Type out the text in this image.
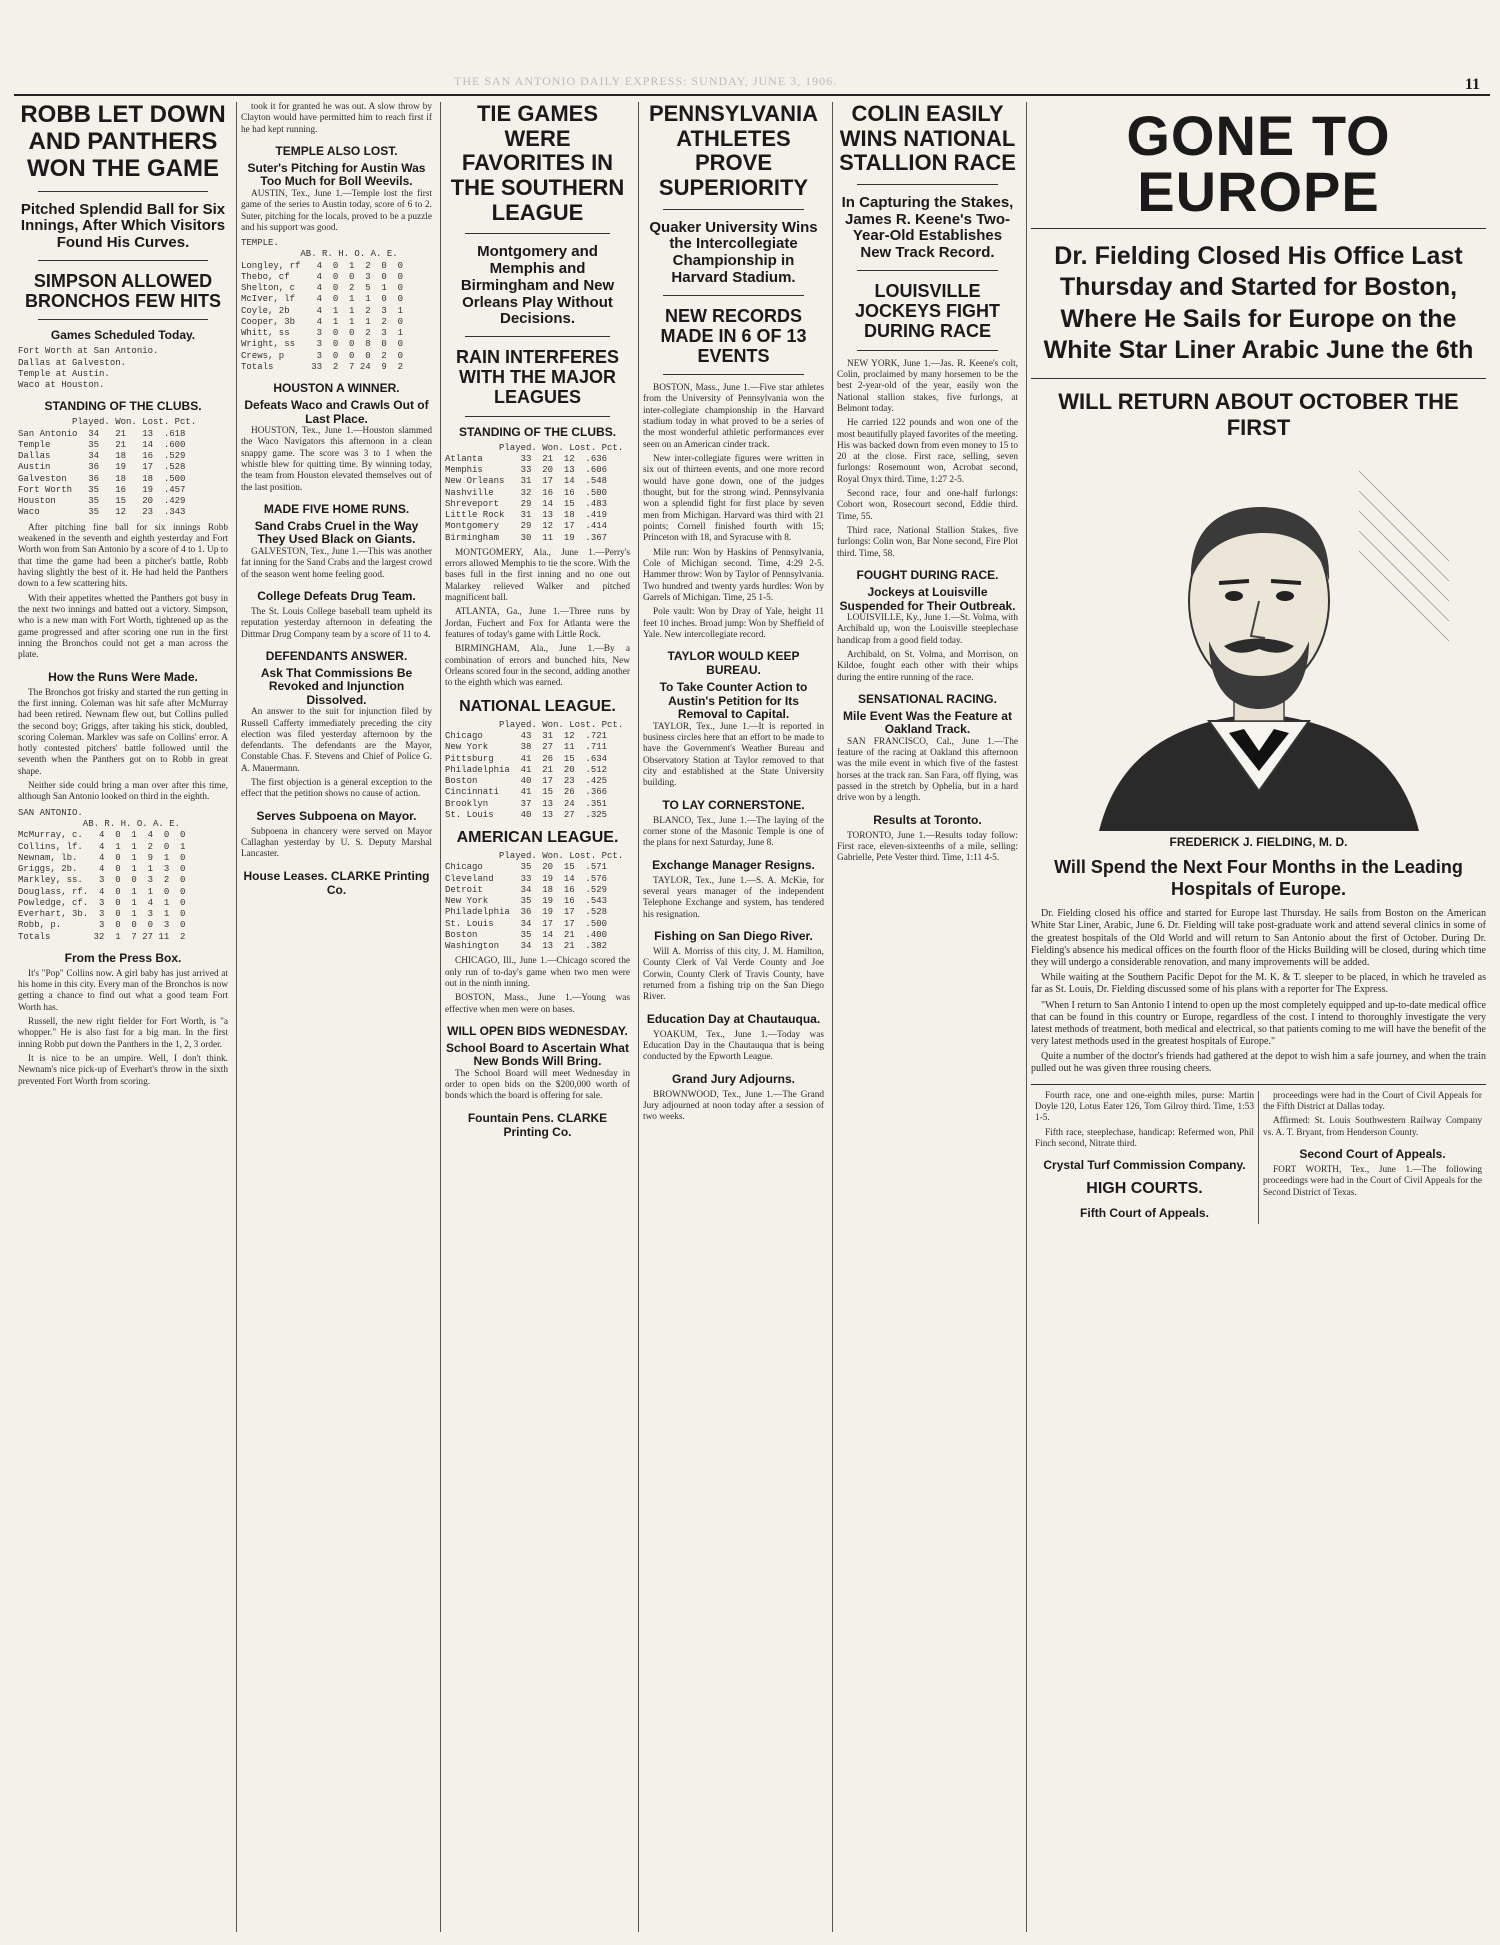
THE SAN ANTONIO DAILY EXPRESS: SUNDAY, JUNE 3, 1906.	11
ROBB LET DOWN AND PANTHERS WON THE GAME
Pitched Splendid Ball for Six Innings, After Which Visitors Found His Curves.
SIMPSON ALLOWED BRONCHOS FEW HITS
Games Scheduled Today.
Fort Worth at San Antonio.
Dallas at Galveston.
Temple at Austin.
Waco at Houston.
STANDING OF THE CLUBS.
Played. Won. Lost. Pct.
San Antonio  34   21   13  .618
Temple       35   21   14  .600
Dallas       34   18   16  .529
Austin       36   19   17  .528
Galveston    36   18   18  .500
Fort Worth   35   16   19  .457
Houston      35   15   20  .429
Waco         35   12   23  .343

After pitching fine ball for six innings Robb weakened in the seventh and eighth yesterday and Fort Worth won from San Antonio by a score of 4 to 1. Up to that time the game had been a pitcher's battle, Robb having slightly the best of it. He had held the Panthers down to a few scattering hits.

With their appetites whetted the Panthers got busy in the next two innings and batted out a victory. Simpson, who is a new man with Fort Worth, tightened up as the game progressed and after scoring one run in the first inning the Bronchos could not get a man across the plate.

How the Runs Were Made.

The Bronchos got frisky and started the run getting in the first inning. Coleman was hit safe after McMurray had been retired. Newnam flew out, but Collins pulled the second boy; Griggs, after taking his stick, doubled, scoring Coleman. Marklev was safe on Collins' error. A hotly contested pitchers' battle followed until the seventh when the Panthers got on to Robb in great shape.

Neither side could bring a man over after this time, although San Antonio looked on third in the eighth.

SAN ANTONIO.
AB. R. H. O. A. E.
McMurray, c.   4  0  1  4  0  0
Collins, lf.   4  1  1  2  0  1
Newnam, lb.    4  0  1  9  1  0
Griggs, 2b.    4  0  1  1  3  0
Markley, ss.   3  0  0  3  2  0
Douglass, rf.  4  0  1  1  0  0
Powledge, cf.  3  0  1  4  1  0
Everhart, 3b.  3  0  1  3  1  0
Robb, p.       3  0  0  0  3  0
Totals        32  1  7 27 11  2
From the Press Box.

It's "Pop" Collins now. A girl baby has just arrived at his home in this city. Every man of the Bronchos is now getting a chance to find out what a good team Fort Worth has.

Russell, the new right fielder for Fort Worth, is "a whopper." He is also fast for a big man. In the first inning Robb put down the Panthers in the 1, 2, 3 order.

It is nice to be an umpire. Well, I don't think. Newnam's nice pick-up of Everhart's throw in the sixth prevented Fort Worth from scoring.

took it for granted he was out. A slow throw by Clayton would have permitted him to reach first if he had kept running.

TEMPLE ALSO LOST.
Suter's Pitching for Austin Was Too Much for Boll Weevils.

AUSTIN, Tex., June 1.—Temple lost the first game of the series to Austin today, score of 6 to 2. Suter, pitching for the locals, proved to be a puzzle and his support was good.

TEMPLE.
AB. R. H. O. A. E.
Longley, rf   4  0  1  2  0  0
Thebo, cf     4  0  0  3  0  0
Shelton, c    4  0  2  5  1  0
McIver, lf    4  0  1  1  0  0
Coyle, 2b     4  1  1  2  3  1
Cooper, 3b    4  1  1  1  2  0
Whitt, ss     3  0  0  2  3  1
Wright, ss    3  0  0  8  0  0
Crews, p      3  0  0  0  2  0
Totals       33  2  7 24  9  2
HOUSTON A WINNER.
Defeats Waco and Crawls Out of Last Place.

HOUSTON, Tex., June 1.—Houston slammed the Waco Navigators this afternoon in a clean snappy game. The score was 3 to 1 when the whistle blew for quitting time. By winning today, the team from Houston elevated themselves out of the last position.

MADE FIVE HOME RUNS.
Sand Crabs Cruel in the Way They Used Black on Giants.

GALVESTON, Tex., June 1.—This was another fat inning for the Sand Crabs and the largest crowd of the season went home feeling good.

College Defeats Drug Team.

The St. Louis College baseball team upheld its reputation yesterday afternoon in defeating the Dittmar Drug Company team by a score of 11 to 4.

DEFENDANTS ANSWER.
Ask That Commissions Be Revoked and Injunction Dissolved.

An answer to the suit for injunction filed by Russell Cafferty immediately preceding the city election was filed yesterday afternoon by the defendants. The defendants are the Mayor, Constable Chas. F. Stevens and Chief of Police G. A. Mauermann.

The first objection is a general exception to the effect that the petition shows no cause of action.

Serves Subpoena on Mayor.

Subpoena in chancery were served on Mayor Callaghan yesterday by U. S. Deputy Marshal Lancaster.

House Leases. CLARKE Printing Co.
TIE GAMES WERE FAVORITES IN THE SOUTHERN LEAGUE
Montgomery and Memphis and Birmingham and New Orleans Play Without Decisions.
RAIN INTERFERES WITH THE MAJOR LEAGUES
STANDING OF THE CLUBS.
Played. Won. Lost. Pct.
Atlanta       33  21  12  .636
Memphis       33  20  13  .606
New Orleans   31  17  14  .548
Nashville     32  16  16  .500
Shreveport    29  14  15  .483
Little Rock   31  13  18  .419
Montgomery    29  12  17  .414
Birmingham    30  11  19  .367

MONTGOMERY, Ala., June 1.—Perry's errors allowed Memphis to tie the score. With the bases full in the first inning and no one out Malarkey relieved Walker and pitched magnificent ball.

ATLANTA, Ga., June 1.—Three runs by Jordan, Fuchert and Fox for Atlanta were the features of today's game with Little Rock.

BIRMINGHAM, Ala., June 1.—By a combination of errors and bunched hits, New Orleans scored four in the second, adding another to the eighth which was earned.

NATIONAL LEAGUE.
Played. Won. Lost. Pct.
Chicago       43  31  12  .721
New York      38  27  11  .711
Pittsburg     41  26  15  .634
Philadelphia  41  21  20  .512
Boston        40  17  23  .425
Cincinnati    41  15  26  .366
Brooklyn      37  13  24  .351
St. Louis     40  13  27  .325
AMERICAN LEAGUE.
Played. Won. Lost. Pct.
Chicago       35  20  15  .571
Cleveland     33  19  14  .576
Detroit       34  18  16  .529
New York      35  19  16  .543
Philadelphia  36  19  17  .528
St. Louis     34  17  17  .500
Boston        35  14  21  .400
Washington    34  13  21  .382

CHICAGO, Ill., June 1.—Chicago scored the only run of to-day's game when two men were out in the ninth inning.

BOSTON, Mass., June 1.—Young was effective when men were on bases.

WILL OPEN BIDS WEDNESDAY.
School Board to Ascertain What New Bonds Will Bring.

The School Board will meet Wednesday in order to open bids on the $200,000 worth of bonds which the board is offering for sale.

Fountain Pens. CLARKE Printing Co.
PENNSYLVANIA ATHLETES PROVE SUPERIORITY
Quaker University Wins the Intercollegiate Championship in Harvard Stadium.
NEW RECORDS MADE IN 6 OF 13 EVENTS

BOSTON, Mass., June 1.—Five star athletes from the University of Pennsylvania won the inter-collegiate championship in the Harvard stadium today in what proved to be a series of the most wonderful athletic performances ever seen on an American cinder track.

New inter-collegiate figures were written in six out of thirteen events, and one more record would have gone down, one of the judges thought, but for the strong wind. Pennsylvania won a splendid fight for first place by seven men from Michigan. Harvard was third with 21 points; Cornell finished fourth with 15; Princeton with 18, and Syracuse with 8.

Mile run: Won by Haskins of Pennsylvania, Cole of Michigan second. Time, 4:29 2-5. Hammer throw: Won by Taylor of Pennsylvania. Two hundred and twenty yards hurdles: Won by Garrels of Michigan. Time, 25 1-5.

Pole vault: Won by Dray of Yale, height 11 feet 10 inches. Broad jump: Won by Sheffield of Yale. New intercollegiate record.

TAYLOR WOULD KEEP BUREAU.
To Take Counter Action to Austin's Petition for Its Removal to Capital.

TAYLOR, Tex., June 1.—It is reported in business circles here that an effort to be made to have the Government's Weather Bureau and Observatory Station at Taylor removed to that city and established at the State University building.

TO LAY CORNERSTONE.

BLANCO, Tex., June 1.—The laying of the corner stone of the Masonic Temple is one of the plans for next Saturday, June 8.

Exchange Manager Resigns.

TAYLOR, Tex., June 1.—S. A. McKie, for several years manager of the independent Telephone Exchange and system, has tendered his resignation.

Fishing on San Diego River.

Will A. Morriss of this city, J. M. Hamilton, County Clerk of Val Verde County and Joe Corwin, County Clerk of Travis County, have returned from a fishing trip on the San Diego River.

Education Day at Chautauqua.

YOAKUM, Tex., June 1.—Today was Education Day in the Chautauqua that is being conducted by the Epworth League.

Grand Jury Adjourns.

BROWNWOOD, Tex., June 1.—The Grand Jury adjourned at noon today after a session of two weeks.

COLIN EASILY WINS NATIONAL STALLION RACE
In Capturing the Stakes, James R. Keene's Two-Year-Old Establishes New Track Record.
LOUISVILLE JOCKEYS FIGHT DURING RACE

NEW YORK, June 1.—Jas. R. Keene's colt, Colin, proclaimed by many horsemen to be the best 2-year-old of the year, easily won the National stallion stakes, five furlongs, at Belmont today.

He carried 122 pounds and won one of the most beautifully played favorites of the meeting. His was backed down from even money to 15 to 20 at the close. First race, selling, seven furlongs: Rosemount won, Acrobat second, Royal Onyx third. Time, 1:27 2-5.

Second race, four and one-half furlongs: Cobort won, Rosecourt second, Eddie third. Time, 55.

Third race, National Stallion Stakes, five furlongs: Colin won, Bar None second, Fire Plot third. Time, 58.

FOUGHT DURING RACE.
Jockeys at Louisville Suspended for Their Outbreak.

LOUISVILLE, Ky., June 1.—St. Volma, with Archibald up, won the Louisville steeplechase handicap from a good field today.

Archibald, on St. Volma, and Morrison, on Kildoe, fought each other with their whips during the entire running of the race.

SENSATIONAL RACING.
Mile Event Was the Feature at Oakland Track.

SAN FRANCISCO, Cal., June 1.—The feature of the racing at Oakland this afternoon was the mile event in which five of the fastest horses at the track ran. San Fara, off flying, was passed in the stretch by Ophelia, but in a hard drive won by a length.

Results at Toronto.

TORONTO, June 1.—Results today follow: First race, eleven-sixteenths of a mile, selling: Gabrielle, Pete Vester third. Time, 1:11 4-5.

GONE TO EUROPE
Dr. Fielding Closed His Office Last Thursday and Started for Boston, Where He Sails for Europe on the White Star Liner Arabic June the 6th
WILL RETURN ABOUT OCTOBER THE FIRST
FREDERICK J. FIELDING, M. D.
Will Spend the Next Four Months in the Leading Hospitals of Europe.

Dr. Fielding closed his office and started for Europe last Thursday. He sails from Boston on the American White Star Liner, Arabic, June 6. Dr. Fielding will take post-graduate work and attend several clinics in some of the greatest hospitals of the Old World and will return to San Antonio about the first of October. During Dr. Fielding's absence his medical offices on the fourth floor of the Hicks Building will be closed, during which time they will undergo a considerable renovation, and many improvements will be added.

While waiting at the Southern Pacific Depot for the M. K. & T. sleeper to be placed, in which he traveled as far as St. Louis, Dr. Fielding discussed some of his plans with a reporter for The Express.

"When I return to San Antonio I intend to open up the most completely equipped and up-to-date medical office that can be found in this country or Europe, regardless of the cost. I intend to thoroughly investigate the very latest methods of treatment, both medical and electrical, so that patients coming to me will have the benefit of the very latest methods used in the greatest hospitals of Europe."

Quite a number of the doctor's friends had gathered at the depot to wish him a safe journey, and when the train pulled out he was given three rousing cheers.

Fourth race, one and one-eighth miles, purse: Martin Doyle 120, Lotus Eater 126, Tom Gilroy third. Time, 1:53 1-5.

Fifth race, steeplechase, handicap: Refermed won, Phil Finch second, Nitrate third.

Crystal Turf Commission Company.
HIGH COURTS.
Fifth Court of Appeals.

proceedings were had in the Court of Civil Appeals for the Fifth District at Dallas today.

Affirmed: St. Louis Southwestern Railway Company vs. A. T. Bryant, from Henderson County.

Second Court of Appeals.

FORT WORTH, Tex., June 1.—The following proceedings were had in the Court of Civil Appeals for the Second District of Texas.
